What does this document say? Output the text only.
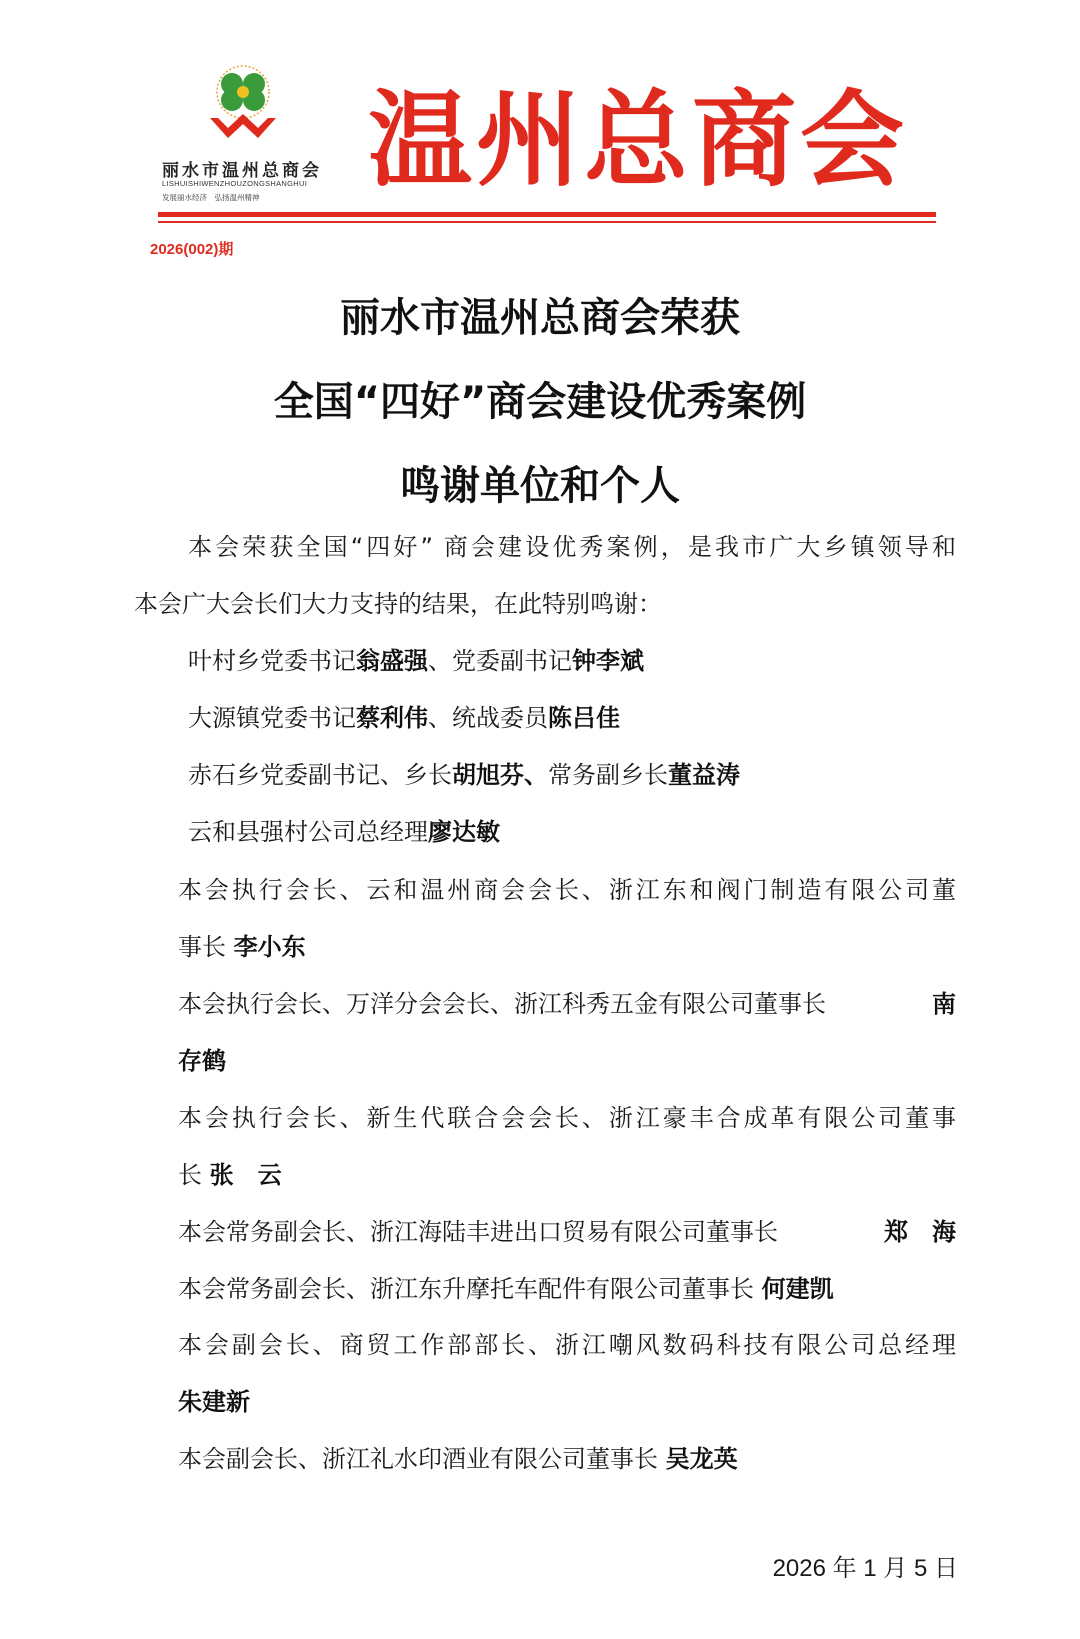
丽水市温州总商会
LISHUISHIWENZHOUZONGSHANGHUI
发展丽水经济　弘扬温州精神	温州总商会
2026(002)期
丽水市温州总商会荣获
全国“四好”商会建设优秀案例
鸣谢单位和个人
本会荣获全国“四好” 商会建设优秀案例，是我市广大乡镇领导和
本会广大会长们大力支持的结果，在此特别鸣谢：
叶村乡党委书记翁盛强、党委副书记钟李斌
大源镇党委书记蔡利伟、统战委员陈吕佳
赤石乡党委副书记、乡长胡旭芬、常务副乡长董益涛
云和县强村公司总经理廖达敏
本会执行会长、云和温州商会会长、浙江东和阀门制造有限公司董
事长 李小东
本会执行会长、万洋分会会长、浙江科秀五金有限公司董事长	南
存鹤
本会执行会长、新生代联合会会长、浙江豪丰合成革有限公司董事
长 张　云
本会常务副会长、浙江海陆丰进出口贸易有限公司董事长	郑　海
本会常务副会长、浙江东升摩托车配件有限公司董事长 何建凯
本会副会长、商贸工作部部长、浙江嘲风数码科技有限公司总经理
朱建新
本会副会长、浙江礼水印酒业有限公司董事长 吴龙英
2026 年 1 月 5 日
